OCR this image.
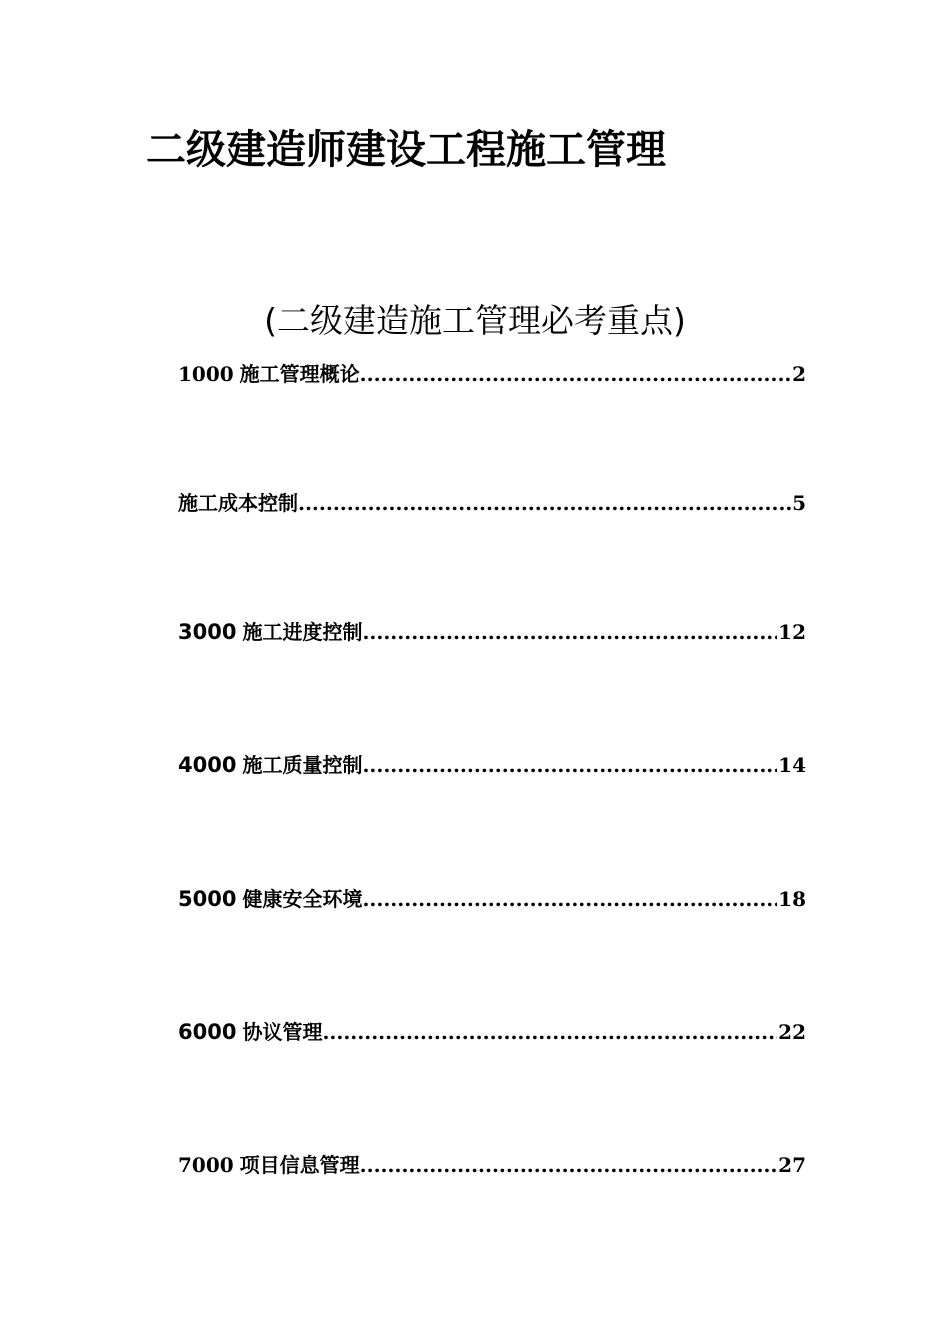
二级建造师建设工程施工管理
(二级建造施工管理必考重点)
1000 施工管理概论 .....	2
施工成本控制 .....	5
3000 施工进度控制 .....	12
4000 施工质量控制 .....	14
5000 健康安全环境 .....	18
6000 协议管理 .....	22
7000 项目信息管理 .....	27
